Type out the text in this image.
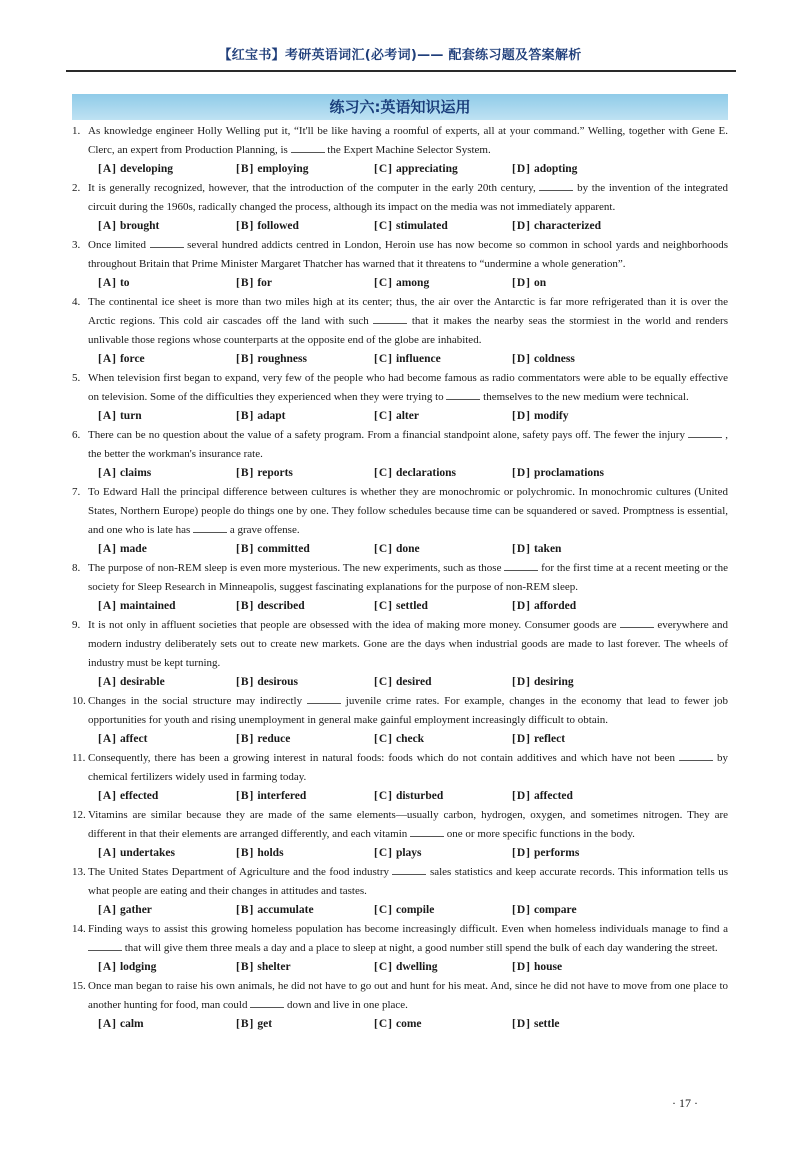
【红宝书】考研英语词汇(必考词)—— 配套练习题及答案解析
练习六:英语知识运用
1. As knowledge engineer Holly Welling put it, “It'll be like having a roomful of experts, all at your command.” Welling, together with Gene E. Clerc, an expert from Production Planning, is	the Expert Machine Selector System.
[A] developing	[B] employing	[C] appreciating	[D] adopting
2. It is generally recognized, however, that the introduction of the computer in the early 20th century,	by the invention of the integrated circuit during the 1960s, radically changed the process, although its impact on the media was not immediately apparent.
[A] brought	[B] followed	[C] stimulated	[D] characterized
3. Once limited	several hundred addicts centred in London, Heroin use has now become so common in school yards and neighborhoods throughout Britain that Prime Minister Margaret Thatcher has warned that it threatens to “undermine a whole generation”.
[A] to	[B] for	[C] among	[D] on
4. The continental ice sheet is more than two miles high at its center; thus, the air over the Antarctic is far more refrigerated than it is over the Arctic regions. This cold air cascades off the land with such	that it makes the nearby seas the stormiest in the world and renders unlivable those regions whose counterparts at the opposite end of the globe are inhabited.
[A] force	[B] roughness	[C] influence	[D] coldness
5. When television first began to expand, very few of the people who had become famous as radio commentators were able to be equally effective on television. Some of the difficulties they experienced when they were trying to	themselves to the new medium were technical.
[A] turn	[B] adapt	[C] alter	[D] modify
6. There can be no question about the value of a safety program. From a financial standpoint alone, safety pays off. The fewer the injury	, the better the workman's insurance rate.
[A] claims	[B] reports	[C] declarations	[D] proclamations
7. To Edward Hall the principal difference between cultures is whether they are monochromic or polychromic. In monochromic cultures (United States, Northern Europe) people do things one by one. They follow schedules because time can be squandered or saved. Promptness is essential, and one who is late has	a grave offense.
[A] made	[B] committed	[C] done	[D] taken
8. The purpose of non-REM sleep is even more mysterious. The new experiments, such as those	for the first time at a recent meeting or the society for Sleep Research in Minneapolis, suggest fascinating explanations for the purpose of non-REM sleep.
[A] maintained	[B] described	[C] settled	[D] afforded
9. It is not only in affluent societies that people are obsessed with the idea of making more money. Consumer goods are	everywhere and modern industry deliberately sets out to create new markets. Gone are the days when industrial goods are made to last forever. The wheels of industry must be kept turning.
[A] desirable	[B] desirous	[C] desired	[D] desiring
10. Changes in the social structure may indirectly	juvenile crime rates. For example, changes in the economy that lead to fewer job opportunities for youth and rising unemployment in general make gainful employment increasingly difficult to obtain.
[A] affect	[B] reduce	[C] check	[D] reflect
11. Consequently, there has been a growing interest in natural foods: foods which do not contain additives and which have not been	by chemical fertilizers widely used in farming today.
[A] effected	[B] interfered	[C] disturbed	[D] affected
12. Vitamins are similar because they are made of the same elements—usually carbon, hydrogen, oxygen, and sometimes nitrogen. They are different in that their elements are arranged differently, and each vitamin	one or more specific functions in the body.
[A] undertakes	[B] holds	[C] plays	[D] performs
13. The United States Department of Agriculture and the food industry	sales statistics and keep accurate records. This information tells us what people are eating and their changes in attitudes and tastes.
[A] gather	[B] accumulate	[C] compile	[D] compare
14. Finding ways to assist this growing homeless population has become increasingly difficult. Even when homeless individuals manage to find a  that will give them three meals a day and a place to sleep at night, a good number still spend the bulk of each day wandering the street.
[A] lodging	[B] shelter	[C] dwelling	[D] house
15. Once man began to raise his own animals, he did not have to go out and hunt for his meat. And, since he did not have to move from one place to another hunting for food, man could	down and live in one place.
[A] calm	[B] get	[C] come	[D] settle
· 17 ·
